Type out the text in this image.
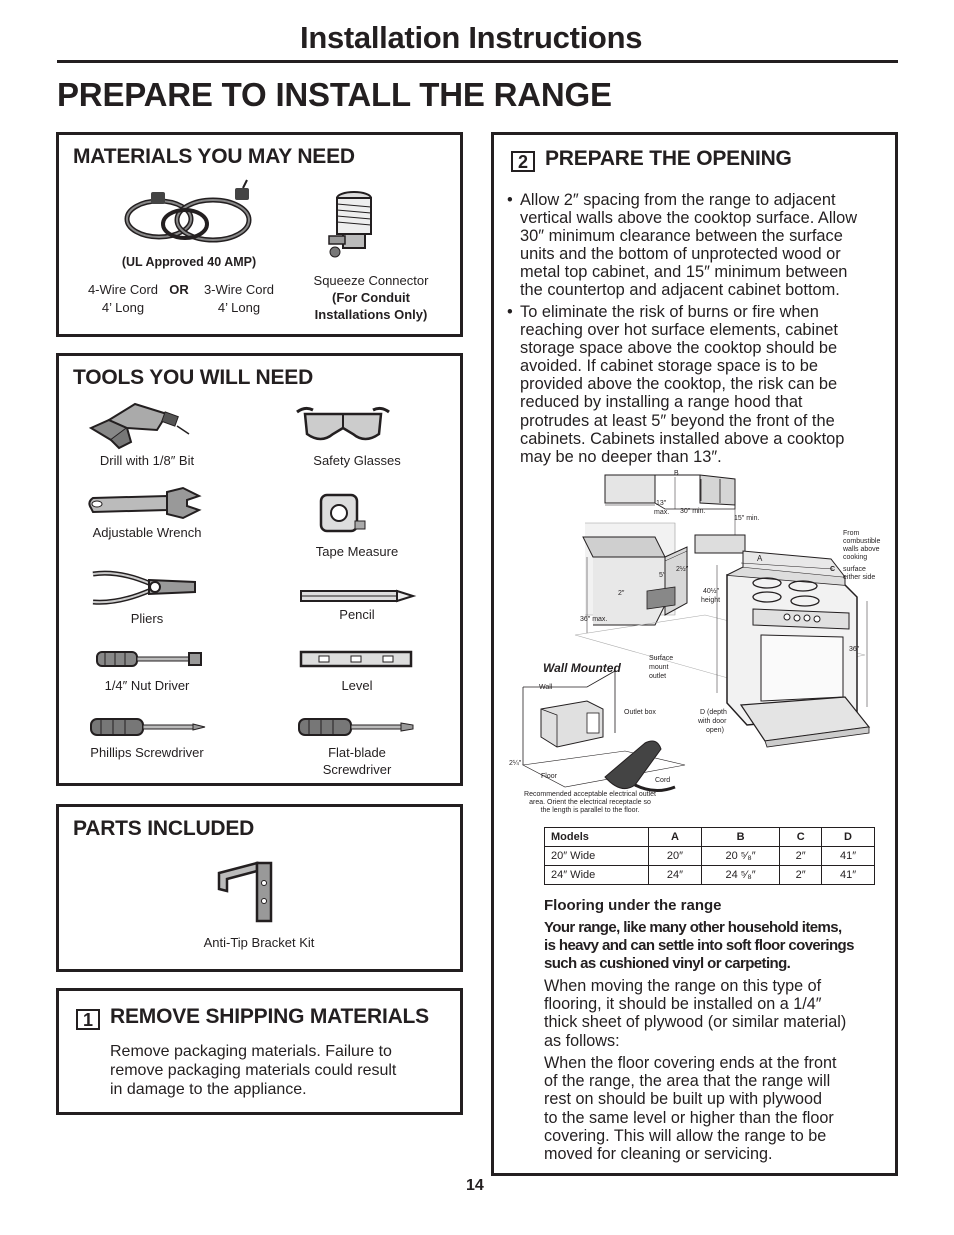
Installation Instructions
PREPARE TO INSTALL THE RANGE
MATERIALS YOU MAY NEED
(UL Approved 40 AMP)
4-Wire Cord OR	3-Wire Cord
4’ Long	4’ Long
Squeeze Connector
(For Conduit
Installations Only)
TOOLS YOU WILL NEED
Drill with 1/8″ Bit	Safety Glasses
Adjustable Wrench
Tape Measure
Pliers	Pencil
1/4″ Nut Driver	Level
Phillips Screwdriver	Flat-blade
Screwdriver
PARTS INCLUDED
Anti-Tip Bracket Kit
1 REMOVE SHIPPING MATERIALS
Remove packaging materials. Failure to
remove packaging materials could result
in damage to the appliance.
2 PREPARE THE OPENING
• Allow 2″ spacing from the range to adjacent
vertical walls above the cooktop surface. Allow
30″ minimum clearance between the surface
units and the bottom of unprotected wood or
metal top cabinet, and 15″ minimum between
the countertop and adjacent cabinet bottom.
• To eliminate the risk of burns or fire when
reaching over hot surface elements, cabinet
storage space above the cooktop should be
avoided. If cabinet storage space is to be
provided above the cooktop, the risk can be
reduced by installing a range hood that
protrudes at least 5″ beyond the front of the
cabinets. Cabinets installed above a cooktop
may be no deeper than 13″.
B
13″
max. 30″ min.
15″ min.
A
From
combustible
walls above
cooking
C surface
either side
5″
2½″
2″	40½″
height
36″ max.
36″
Wall Mounted
Surface
mount
outlet
Wall
Outlet box	D (depth
with door
open)
2¼″
Floor
Cord
Recommended acceptable electrical outlet
area. Orient the electrical receptacle so
the length is parallel to the floor.
Models	A	B	C	D
20″ Wide	20″	20 ⁵⁄₈″	2″	41″
24″ Wide	24″	24 ⁵⁄₈″	2″	41″
Flooring under the range
Your range, like many other household items,
is heavy and can settle into soft floor coverings
such as cushioned vinyl or carpeting.
When moving the range on this type of
flooring, it should be installed on a 1/4″
thick sheet of plywood (or similar material)
as follows:
When the floor covering ends at the front
of the range, the area that the range will
rest on should be built up with plywood
to the same level or higher than the floor
covering. This will allow the range to be
moved for cleaning or servicing.
14
